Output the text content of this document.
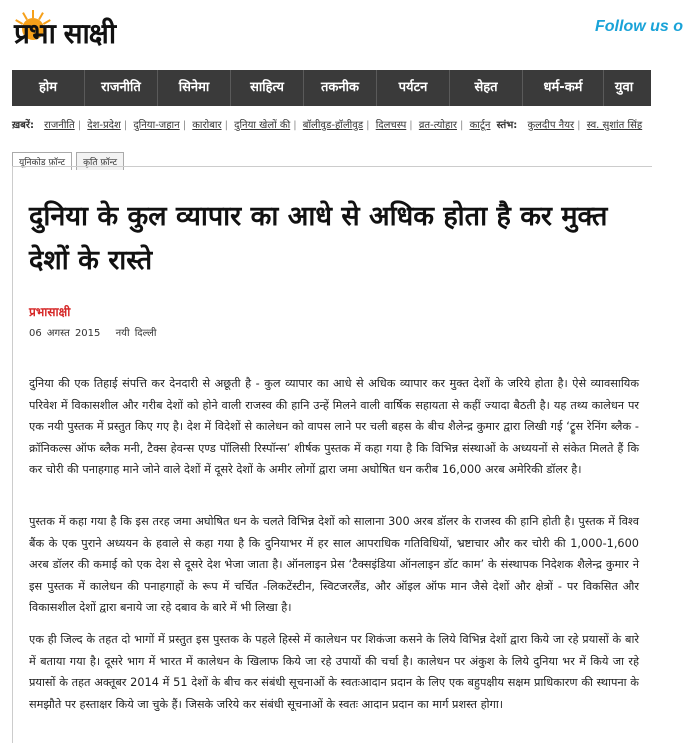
प्रभा साक्षी	Follow us o
होम	राजनीति	सिनेमा	साहित्य	तकनीक	पर्यटन	सेहत	धर्म-कर्म	युवा
ख़बरें: राजनीति | देश-प्रदेश | दुनिया-जहान | कारोबार | दुनिया खेलों की | बॉलीवुड-हॉलीवुड | दिलचस्प | व्रत-त्योहार | कार्टून स्तंभ: कुलदीप नैयर | स्व. सुशांत सिंह
यूनिकोड फ़ॉन्ट	कृति फ़ॉन्ट
दुनिया के कुल व्यापार का आधे से अधिक होता है कर मुक्त देशों के रास्ते
प्रभासाक्षी
06 अगस्त 2015 नयी दिल्ली
दुनिया की एक तिहाई संपत्ति कर देनदारी से अछूती है - कुल व्यापार का आधे से अधिक व्यापार कर मुक्त देशों के जरिये होता है। ऐसे व्यावसायिक परिवेश में विकासशील और गरीब देशों को होने वाली राजस्व की हानि उन्हें मिलने वाली वार्षिक सहायता से कहीं ज्यादा बैठती है। यह तथ्य कालेधन पर एक नयी पुस्तक में प्रस्तुत किए गए है। देश में विदेशों से कालेधन को वापस लाने पर चली बहस के बीच शैलेन्द्र कुमार द्वारा लिखी गई ‘ट्रूस रेनिंग ब्लैक - क्रॉनिकल्स ऑफ ब्लैक मनी, टैक्स हेवन्स एण्ड पॉलिसी रिस्पॉन्स’ शीर्षक पुस्तक में कहा गया है कि विभिन्न संस्थाओं के अध्ययनों से संकेत मिलते हैं कि कर चोरी की पनाहगाह माने जोने वाले देशों में दूसरे देशों के अमीर लोगों द्वारा जमा अघोषित धन करीब 16,000 अरब अमेरिकी डॉलर है।
पुस्तक में कहा गया है कि इस तरह जमा अघोषित धन के चलते विभिन्न देशों को सालाना 300 अरब डॉलर के राजस्व की हानि होती है। पुस्तक में विश्व बैंक के एक पुराने अध्ययन के हवाले से कहा गया है कि दुनियाभर में हर साल आपराधिक गतिविधियों, भ्रष्टाचार और कर चोरी की 1,000-1,600 अरब डॉलर की कमाई को एक देश से दूसरे देश भेजा जाता है। ऑनलाइन प्रेस ‘टैक्सइंडिया ऑनलाइन डॉट काम’ के संस्थापक निदेशक शैलेन्द्र कुमार ने इस पुस्तक में कालेधन की पनाहगाहों के रूप में चर्चित -लिकटेंस्टीन, स्विटजरलैंड, और ऑइल ऑफ मान जैसे देशों और क्षेत्रों - पर विकसित और विकासशील देशों द्वारा बनाये जा रहे दबाव के बारे में भी लिखा है।
एक ही जिल्द के तहत दो भागों में प्रस्तुत इस पुस्तक के पहले हिस्से में कालेधन पर शिकंजा कसने के लिये विभिन्न देशों द्वारा किये जा रहे प्रयासों के बारे में बताया गया है। दूसरे भाग में भारत में कालेधन के खिलाफ किये जा रहे उपायों की चर्चा है। कालेधन पर अंकुश के लिये दुनिया भर में किये जा रहे प्रयासों के तहत अक्तूबर 2014 में 51 देशों के बीच कर संबंधी सूचनाओं के स्वतःआदान प्रदान के लिए एक बहुपक्षीय सक्षम प्राधिकारण की स्थापना के समझौते पर हस्ताक्षर किये जा चुके हैं। जिसके जरिये कर संबंधी सूचनाओं के स्वतः आदान प्रदान का मार्ग प्रशस्त होगा।
